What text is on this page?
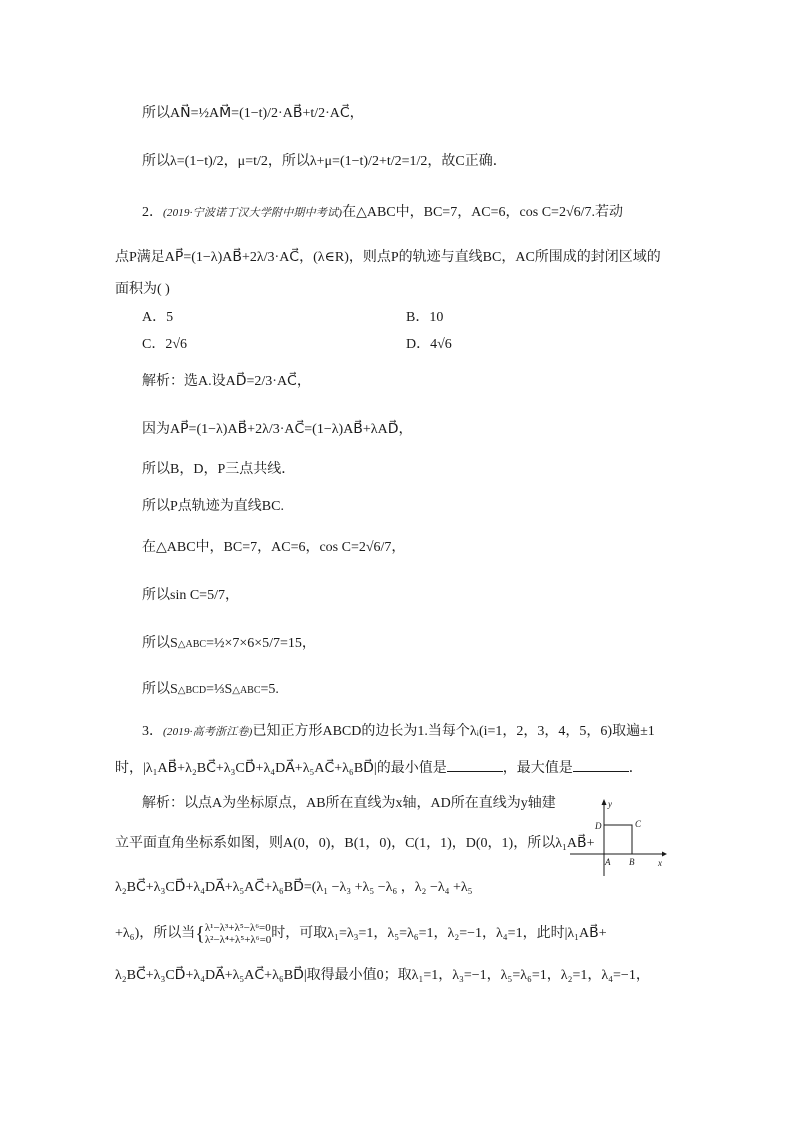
所以AN⃗=½AM⃗=(1−t)/2·AB⃗+t/2·AC⃗，
所以λ=(1−t)/2，μ=t/2，所以λ+μ=(1−t)/2+t/2=1/2，故C正确．
2．(2019·宁波诺丁汉大学附中期中考试)在△ABC中，BC=7，AC=6，cos C=2√6/7.若动
点P满足AP⃗=(1−λ)AB⃗+2λ/3·AC⃗，(λ∈R)，则点P的轨迹与直线BC，AC所围成的封闭区域的
面积为( )
A．5	B．10
C．2√6	D．4√6
解析：选A.设AD⃗=2/3·AC⃗，
因为AP⃗=(1−λ)AB⃗+2λ/3·AC⃗=(1−λ)AB⃗+λAD⃗，
所以B，D，P三点共线．
所以P点轨迹为直线BC.
在△ABC中，BC=7，AC=6，cos C=2√6/7，
所以sin C=5/7，
所以S△ABC=½×7×6×5/7=15，
所以S△BCD=⅓S△ABC=5.
3．(2019·高考浙江卷)已知正方形ABCD的边长为1.当每个λᵢ(i=1，2，3，4，5，6)取遍±1
时，|λ₁AB⃗+λ₂BC⃗+λ₃CD⃗+λ₄DA⃗+λ₅AC⃗+λ₆BD⃗|的最小值是	，最大值是	．
解析：以点A为坐标原点，AB所在直线为x轴，AD所在直线为y轴建
立平面直角坐标系如图，则A(0，0)，B(1，0)，C(1，1)，D(0，1)，所以λ₁AB⃗+
λ₂BC⃗+λ₃CD⃗+λ₄DA⃗+λ₅AC⃗+λ₆BD⃗=(λ₁ −λ₃ +λ₅ −λ₆ ，λ₂ −λ₄ +λ₅
+λ₆)，所以当{ λ¹−λ³+λ⁵−λ⁶=0
λ²−λ⁴+λ⁵+λ⁶=0 时，可取λ₁=λ₃=1，λ₅=λ₆=1，λ₂=−1，λ₄=1，此时|λ₁AB⃗+
λ₂BC⃗+λ₃CD⃗+λ₄DA⃗+λ₅AC⃗+λ₆BD⃗|取得最小值0；取λ₁=1，λ₃=−1，λ₅=λ₆=1，λ₂=1，λ₄=−1，
y
x
A B
C
D
